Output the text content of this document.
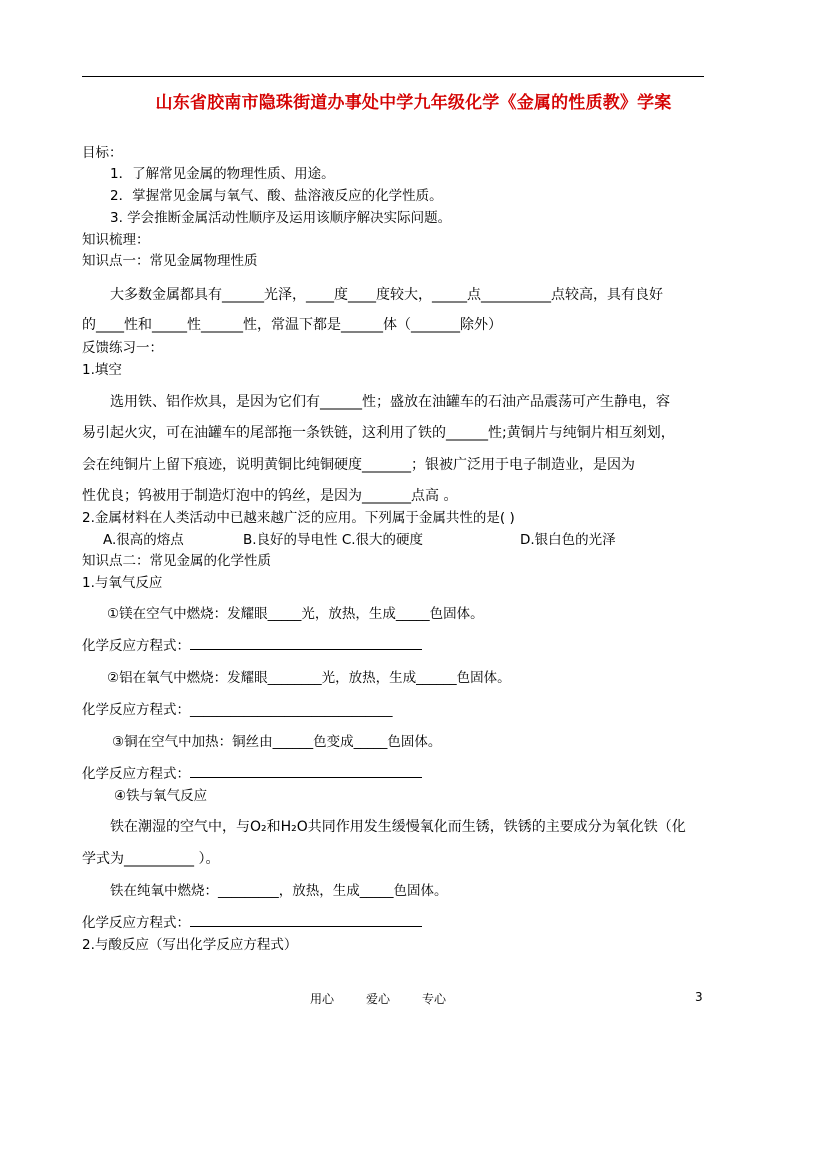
山东省胶南市隐珠街道办事处中学九年级化学《金属的性质教》学案
目标：
1．了解常见金属的物理性质、用途。
2．掌握常见金属与氧气、酸、盐溶液反应的化学性质。
3. 学会推断金属活动性顺序及运用该顺序解决实际问题。
知识梳理：
知识点一：常见金属物理性质
大多数金属都具有______光泽，____度____度较大，_____点__________点较高，具有良好
的____性和_____性______性，常温下都是______体（_______除外）
反馈练习一：
1.填空
选用铁、铝作炊具，是因为它们有______性；盛放在油罐车的石油产品震荡可产生静电，容
易引起火灾，可在油罐车的尾部拖一条铁链，这利用了铁的______性;黄铜片与纯铜片相互刻划，
会在纯铜片上留下痕迹，说明黄铜比纯铜硬度_______；银被广泛用于电子制造业，是因为
性优良；钨被用于制造灯泡中的钨丝，是因为_______点高 。
2.金属材料在人类活动中已越来越广泛的应用。下列属于金属共性的是( )
A.很高的熔点	B.良好的导电性 C.很大的硬度	D.银白色的光泽
知识点二：常见金属的化学性质
1.与氧气反应
①镁在空气中燃烧：发耀眼_____光，放热，生成_____色固体。
化学反应方程式：
②铝在氧气中燃烧：发耀眼________光，放热，生成______色固体。
化学反应方程式：______________________________
③铜在空气中加热：铜丝由______色变成_____色固体。
化学反应方程式：
④铁与氧气反应
铁在潮湿的空气中，与O₂和H₂O共同作用发生缓慢氧化而生锈，铁锈的主要成分为氧化铁（化
学式为__________ ）。
铁在纯氧中燃烧：_________，放热，生成_____色固体。
化学反应方程式：
2.与酸反应（写出化学反应方程式）
用心	爱心	专心	3
